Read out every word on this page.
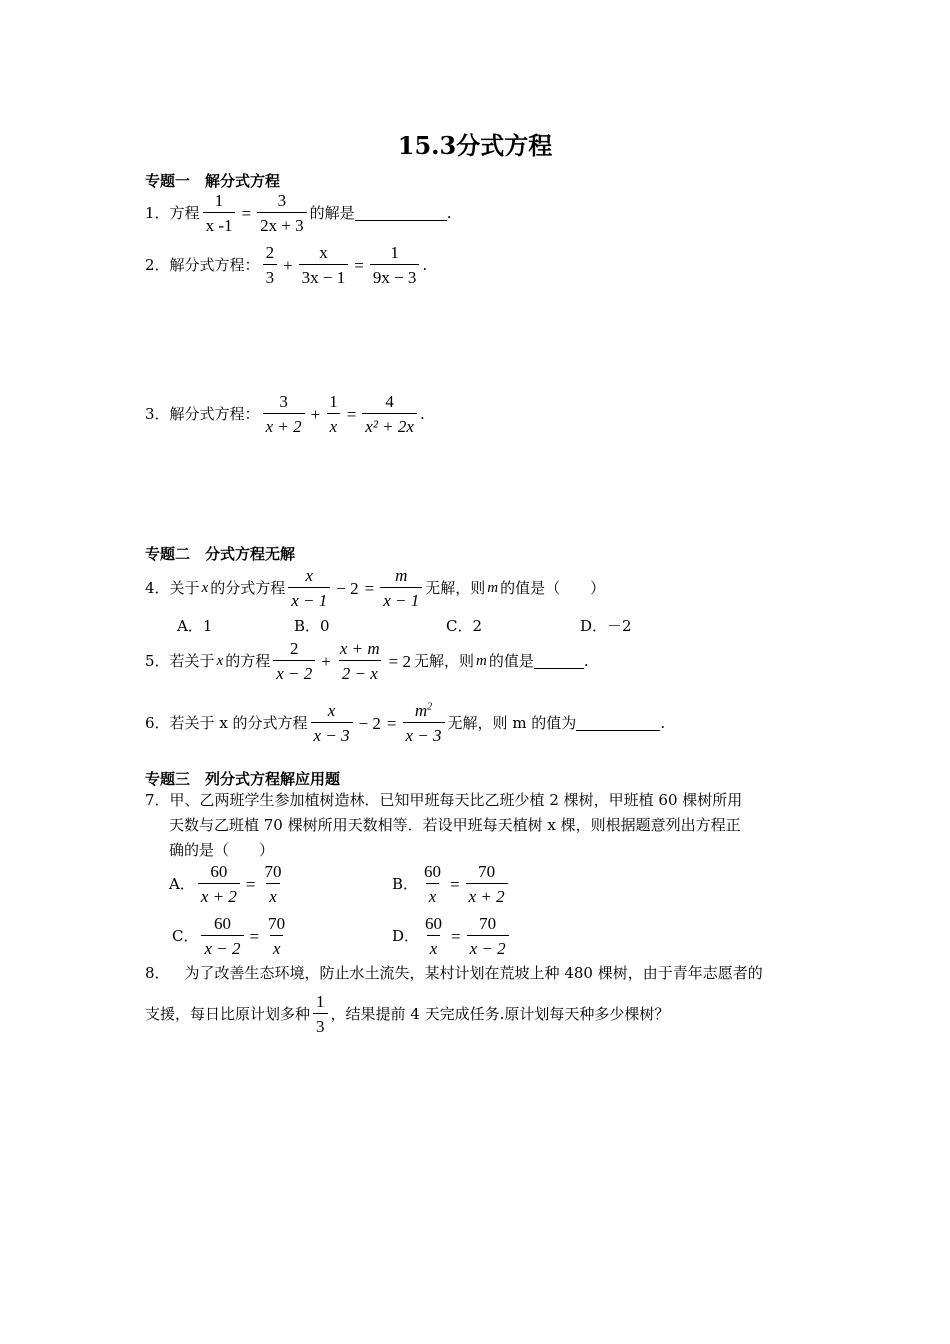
15.3分式方程
专题一　解分式方程
1． 方程 $\frac{1}{x -1} = \frac{3}{2x + 3}$ 的解是	.
2． 解分式方程： $\frac{2}{3} + \frac{x}{3x - 1} = \frac{1}{9x - 3}$ .
3． 解分式方程： $\frac{3}{x + 2} + \frac{1}{x} = \frac{4}{\text{x² + 2x}}$ .
专题二　分式方程无解
4． 关于 x 的分式方程 $\frac{x}{x - 1} - 2 = \frac{m}{x - 1}$ 无解，则 m 的值是（　　）
A．1	B．0	C．2	D．－2
5． 若关于 x 的方程 $\frac{2}{x - 2} + \frac{x + m}{2 - x} = 2$ 无解，则 m 的值是	.
6． 若关于 x 的分式方程 $\frac{x}{x - 3} - 2 = \frac{m^2}{x - 3}$ 无解，则 m 的值为	.
专题三　列分式方程解应用题
7． 甲、乙两班学生参加植树造林．已知甲班每天比乙班少植 2 棵树，甲班植 60 棵树所用
天数与乙班植 70 棵树所用天数相等．若设甲班每天植树 x 棵，则根据题意列出方程正
确的是（　　）
A． $\frac{60}{x + 2} = \frac{70}{x}$	B． $\frac{60}{x} = \frac{70}{x + 2}$
C． $\frac{60}{x - 2} = \frac{70}{x}$	D． $\frac{60}{x} = \frac{70}{x - 2}$
8． 　为了改善生态环境，防止水土流失，某村计划在荒坡上种 480 棵树，由于青年志愿者的
支援，每日比原计划多种 $\frac{1}{3}$ ，结果提前 4 天完成任务.原计划每天种多少棵树？
